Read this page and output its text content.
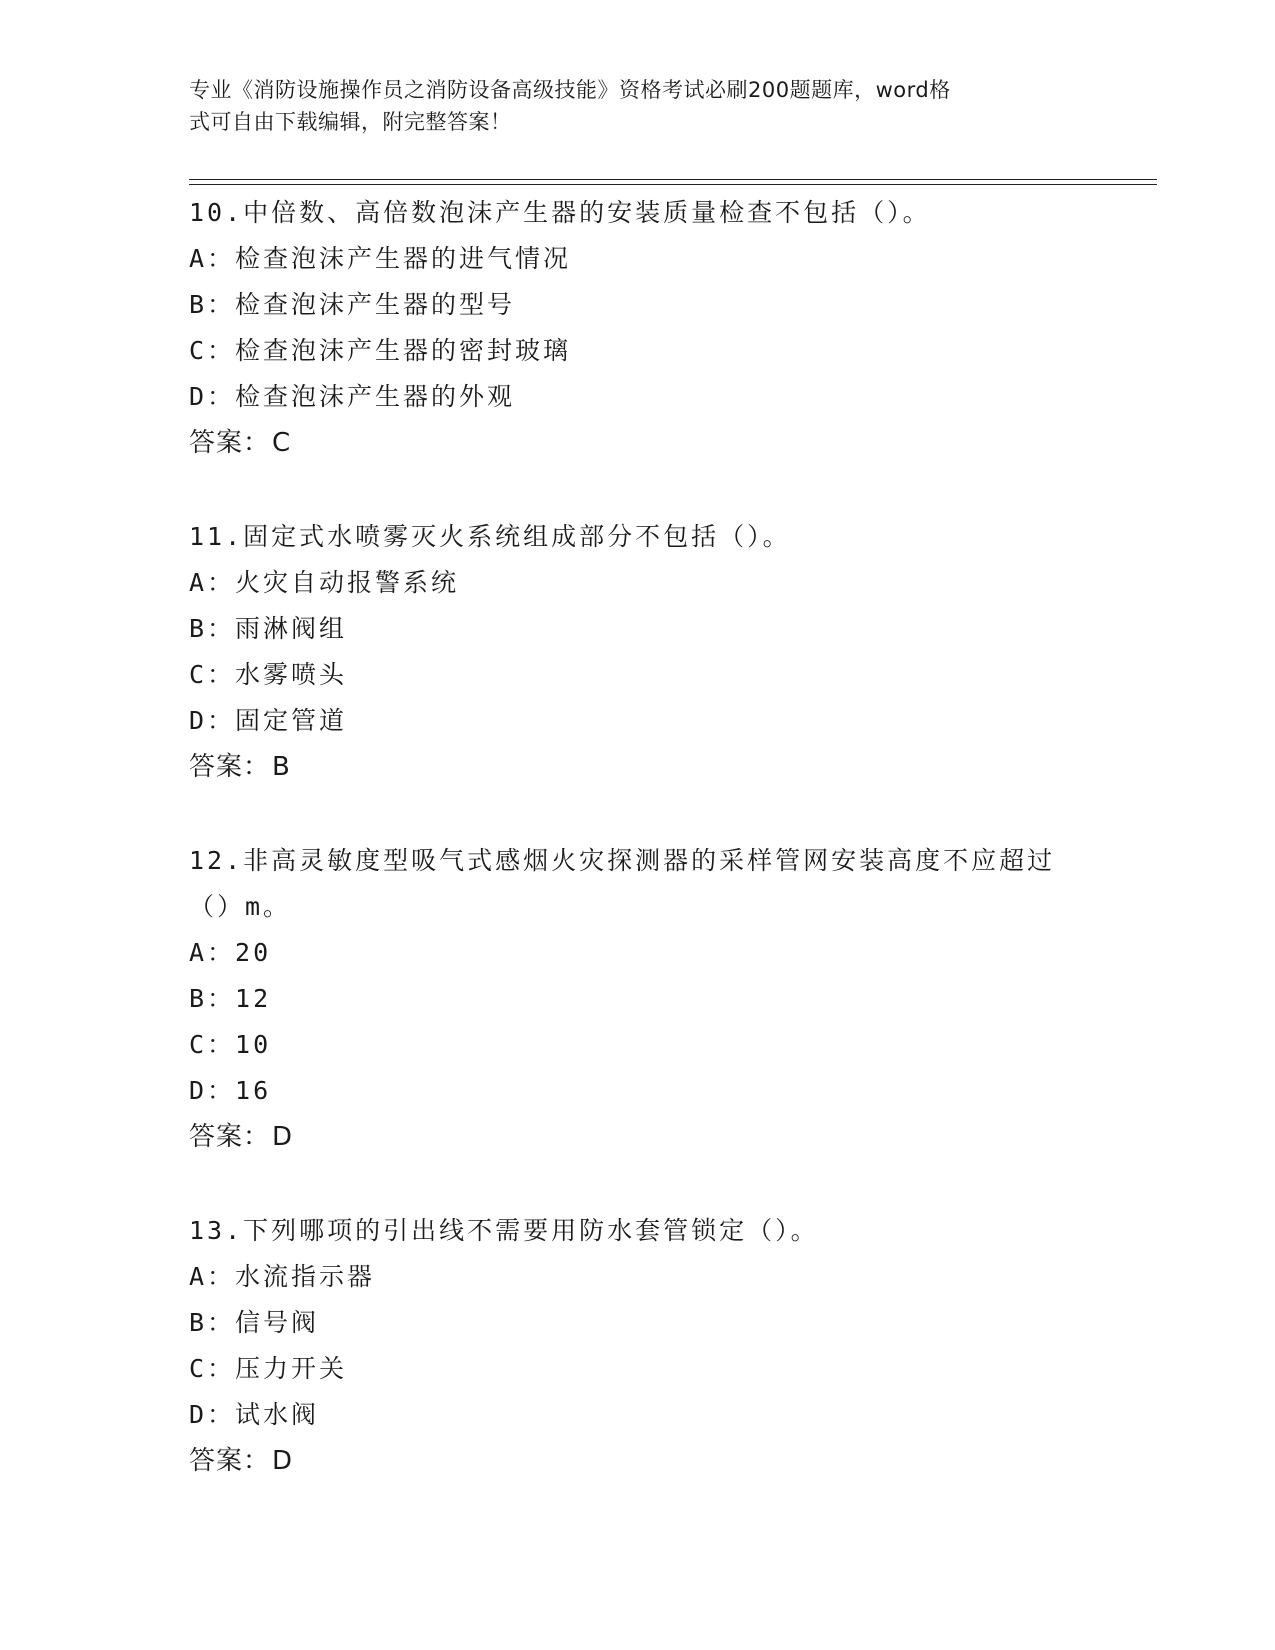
专业《消防设施操作员之消防设备高级技能》资格考试必刷200题题库，word格
式可自由下载编辑，附完整答案！
10.中倍数、高倍数泡沫产生器的安装质量检查不包括（）。
A：检查泡沫产生器的进气情况
B：检查泡沫产生器的型号
C：检查泡沫产生器的密封玻璃
D：检查泡沫产生器的外观
答案：C
11.固定式水喷雾灭火系统组成部分不包括（）。
A：火灾自动报警系统
B：雨淋阀组
C：水雾喷头
D：固定管道
答案：B
12.非高灵敏度型吸气式感烟火灾探测器的采样管网安装高度不应超过
（）m。
A：20
B：12
C：10
D：16
答案：D
13.下列哪项的引出线不需要用防水套管锁定（）。
A：水流指示器
B：信号阀
C：压力开关
D：试水阀
答案：D
